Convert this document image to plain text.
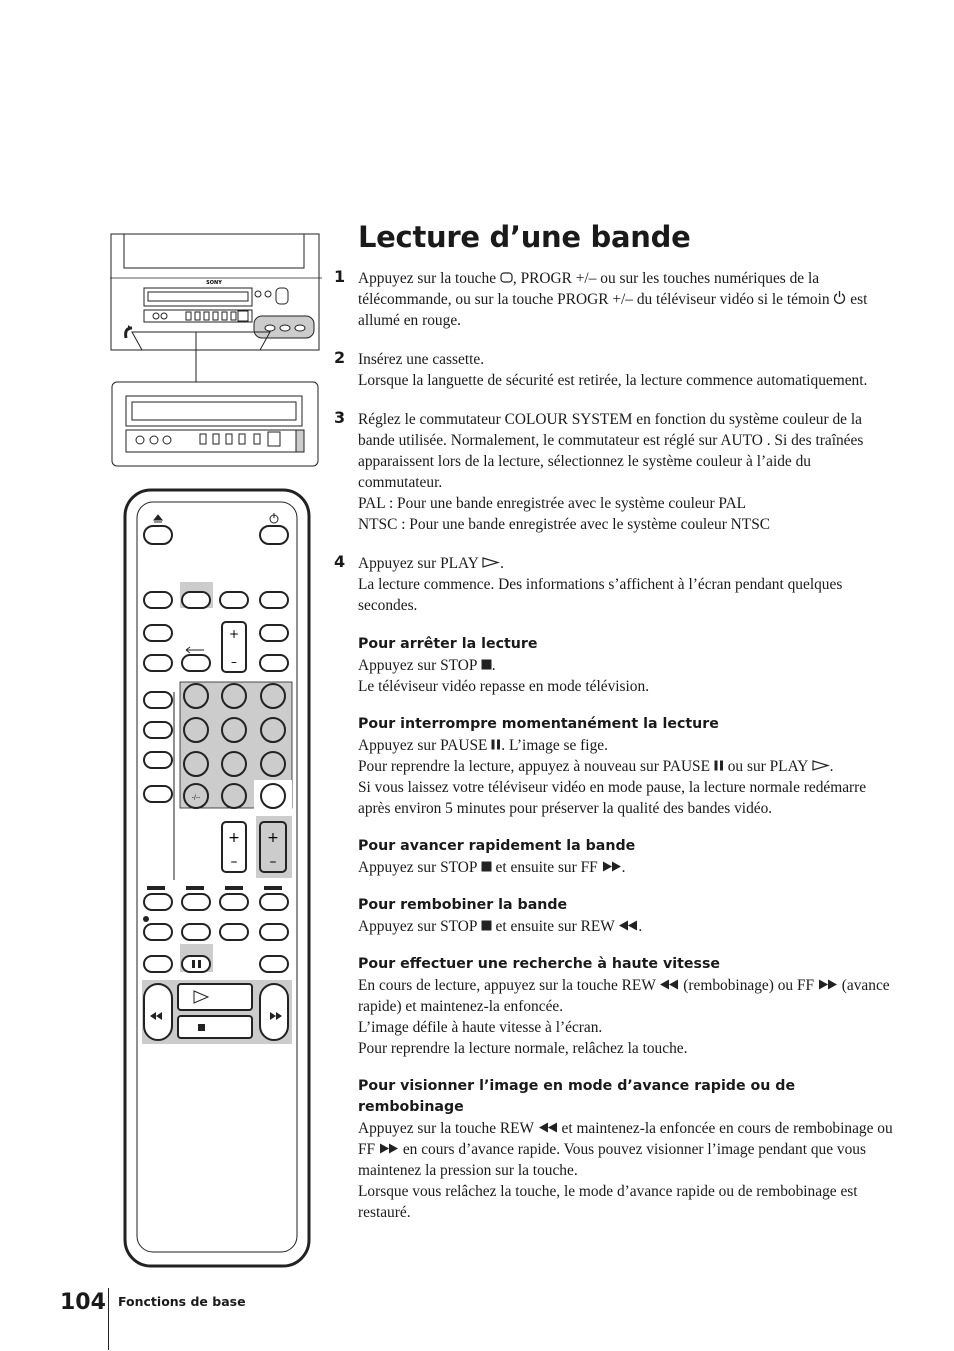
SONY
+
–
-/--
+
–
+
–
Lecture d’une bande
1 Appuyez sur la touche , PROGR +/– ou sur les touches numériques de la télécommande, ou sur la touche PROGR +/– du téléviseur vidéo si le témoin  est allumé en rouge.

2 Insérez une cassette.

Lorsque la languette de sécurité est retirée, la lecture commence automatiquement.

3 Réglez le commutateur COLOUR SYSTEM en fonction du système couleur de la bande utilisée. Normalement, le commutateur est réglé sur AUTO . Si des traînées apparaissent lors de la lecture, sélectionnez le système couleur à l’aide du commutateur.

PAL : Pour une bande enregistrée avec le système couleur PAL

NTSC : Pour une bande enregistrée avec le système couleur NTSC

4 Appuyez sur PLAY .

La lecture commence. Des informations s’affichent à l’écran pendant quelques secondes.

Pour arrêter la lecture

Appuyez sur STOP .

Le téléviseur vidéo repasse en mode télévision.

Pour interrompre momentanément la lecture

Appuyez sur PAUSE . L’image se fige.

Pour reprendre la lecture, appuyez à nouveau sur PAUSE  ou sur PLAY .

Si vous laissez votre téléviseur vidéo en mode pause, la lecture normale redémarre après environ 5 minutes pour préserver la qualité des bandes vidéo.

Pour avancer rapidement la bande

Appuyez sur STOP  et ensuite sur FF .

Pour rembobiner la bande

Appuyez sur STOP  et ensuite sur REW .

Pour effectuer une recherche à haute vitesse

En cours de lecture, appuyez sur la touche REW  (rembobinage) ou FF  (avance rapide) et maintenez-la enfoncée.

L’image défile à haute vitesse à l’écran.

Pour reprendre la lecture normale, relâchez la touche.

Pour visionner l’image en mode d’avance rapide ou de rembobinage

Appuyez sur la touche REW  et maintenez-la enfoncée en cours de rembobinage ou FF  en cours d’avance rapide. Vous pouvez visionner l’image pendant que vous maintenez la pression sur la touche.

Lorsque vous relâchez la touche, le mode d’avance rapide ou de rembobinage est restauré.

104 Fonctions de base
